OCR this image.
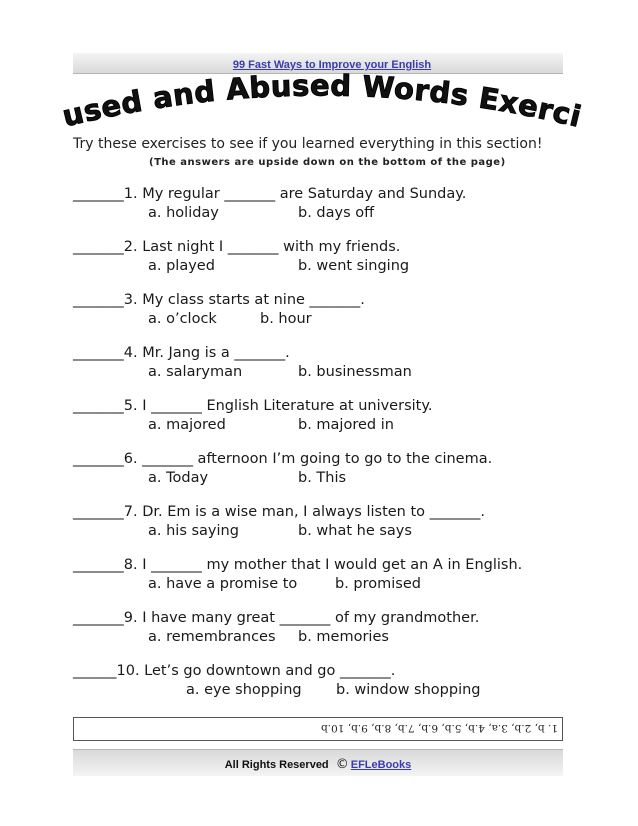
99 Fast Ways to Improve your English
Misused and Abused Words Exercises
Try these exercises to see if you learned everything in this section!
(The answers are upside down on the bottom of the page)
_______1. My regular _______ are Saturday and Sunday.
a. holiday	b. days off
_______2. Last night I _______ with my friends.
a. played	b. went singing
_______3. My class starts at nine _______.
a. o’clock	b. hour
_______4. Mr. Jang is a _______.
a. salaryman	b. businessman
_______5. I _______ English Literature at university.
a. majored	b. majored in
_______6. _______ afternoon I’m going to go to the cinema.
a. Today	b. This
_______7. Dr. Em is a wise man, I always listen to _______.
a. his saying	b. what he says
_______8. I _______ my mother that I would get an A in English.
a. have a promise to	b. promised
_______9. I have many great _______ of my grandmother.
a. remembrances b. memories
______10. Let’s go downtown and go _______.
a. eye shopping b. window shopping
1. b, 2.b, 3.a, 4.b, 5.b, 6.b, 7.b, 8.b, 9.b, 10.b
All Rights Reserved © EFLeBooks
